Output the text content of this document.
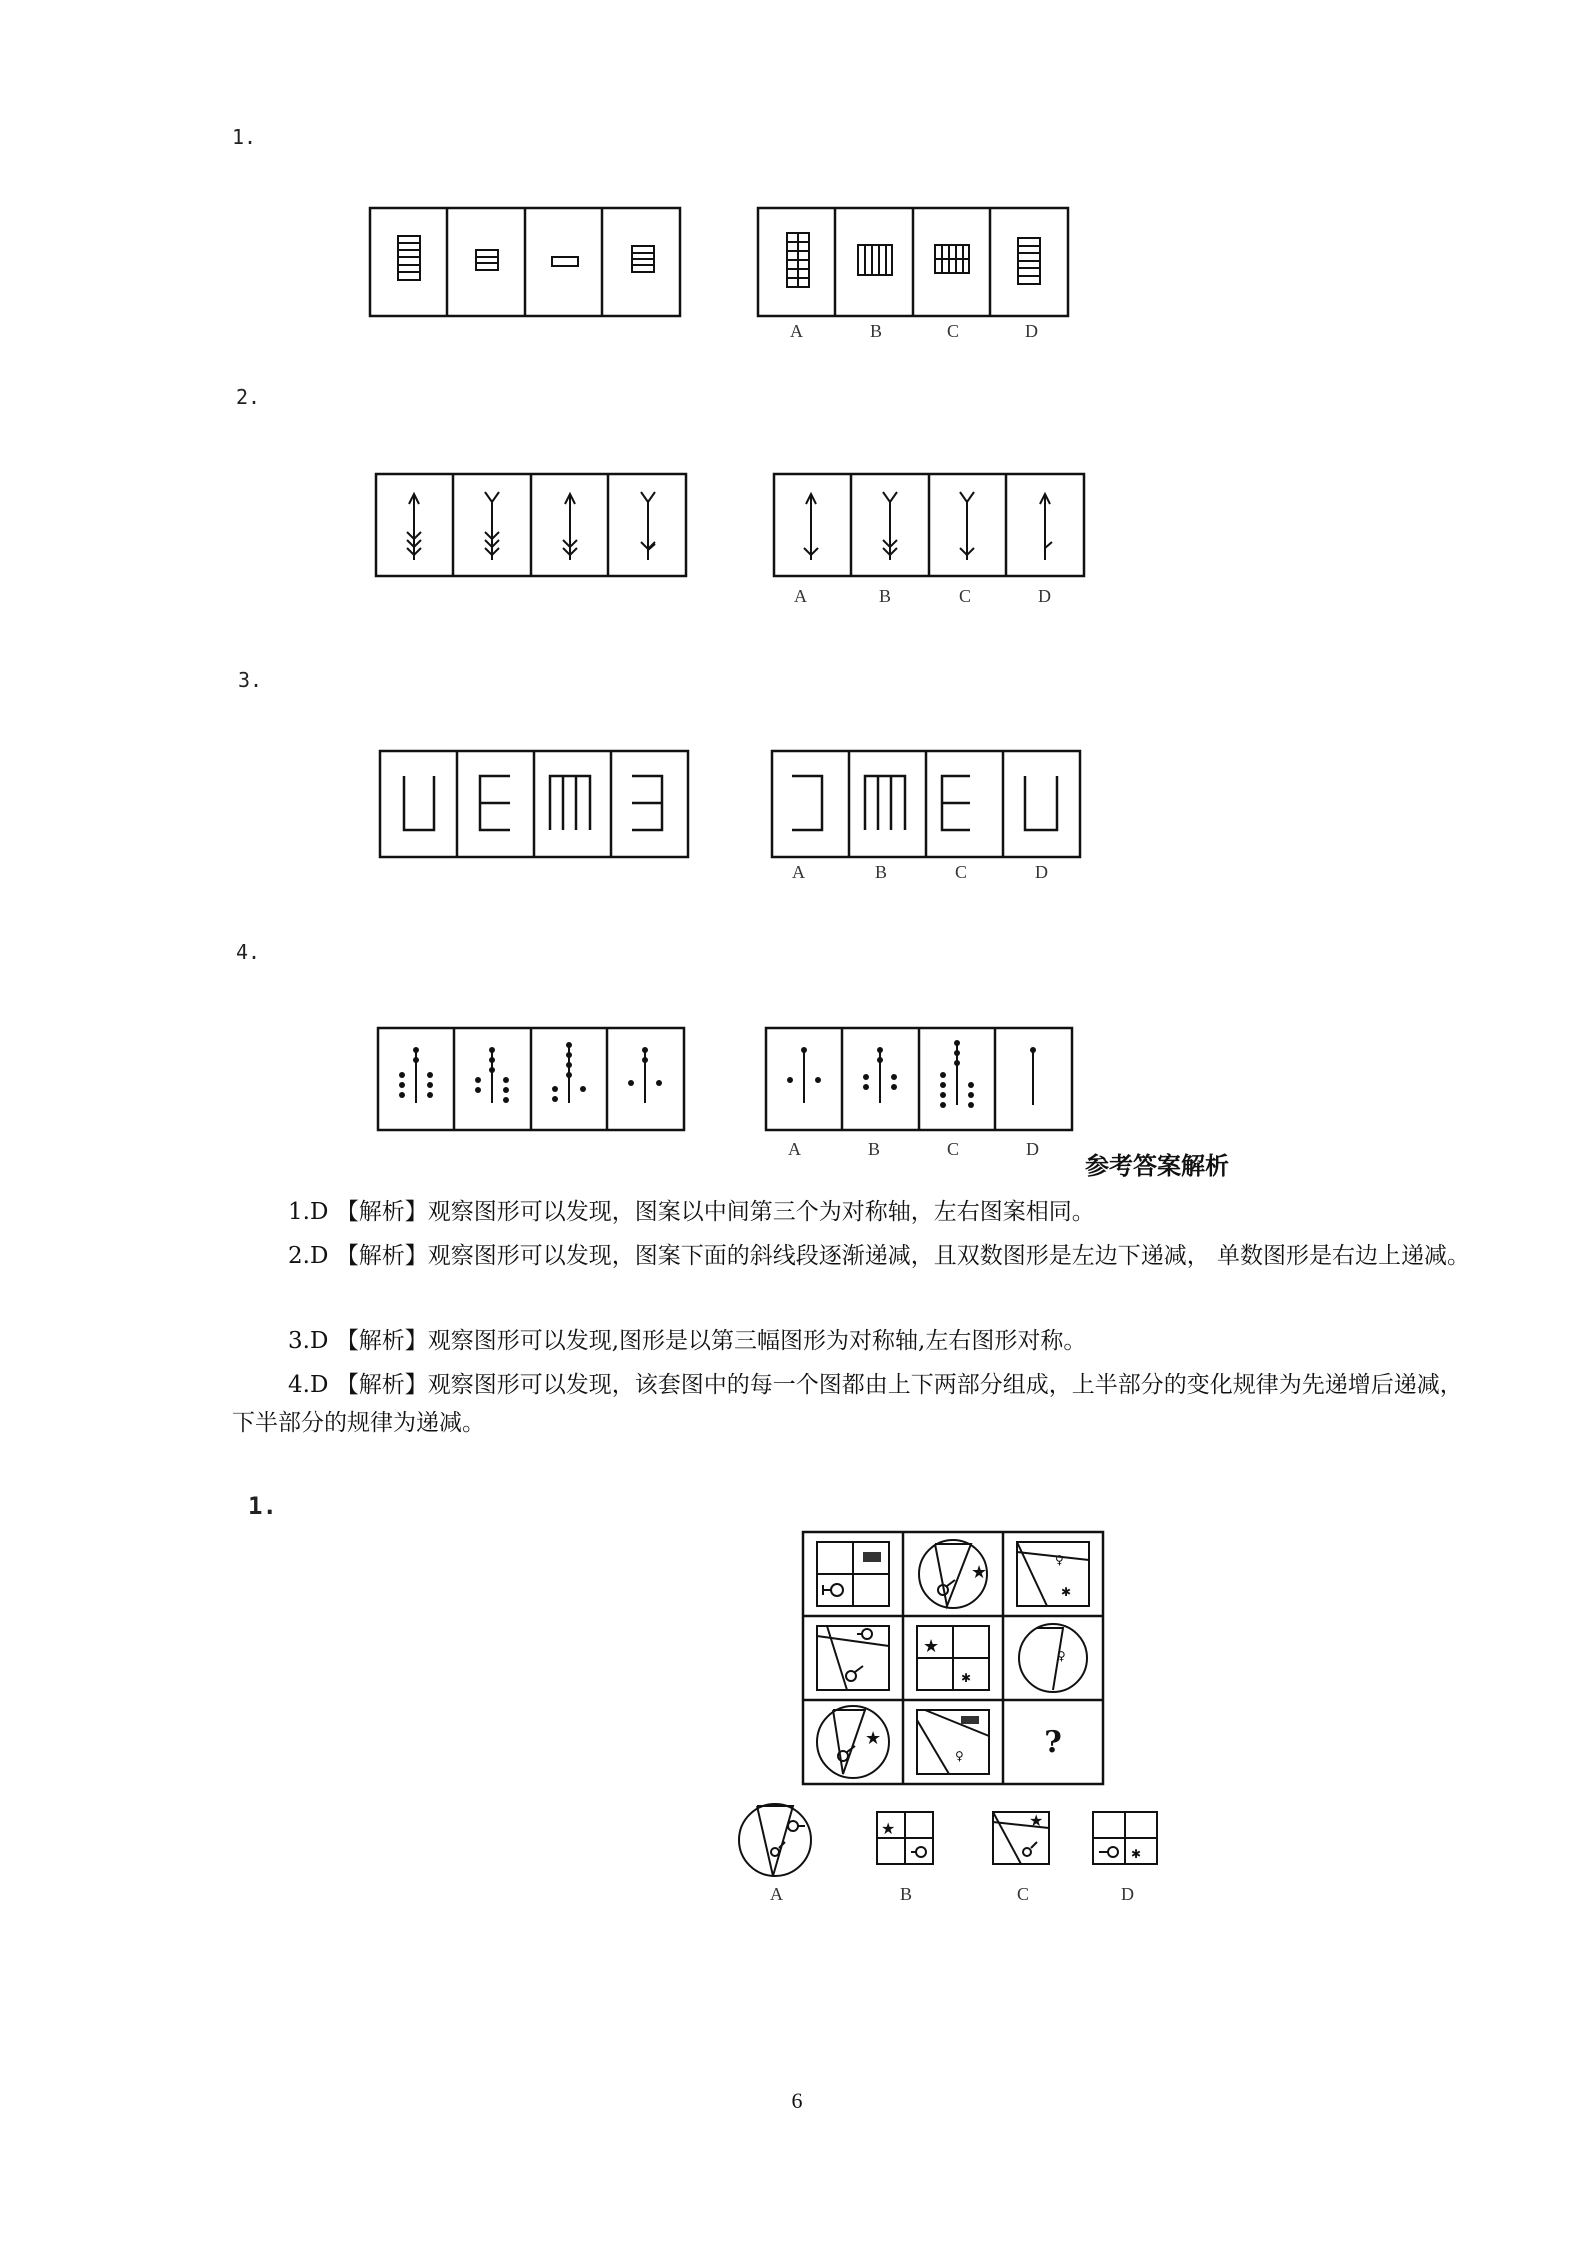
1.
A	B	C	D
2.
A	B	C	D
3.
A	B	C	D
4.
A	B	C	D
参考答案解析
1.D 【解析】观察图形可以发现，图案以中间第三个为对称轴，左右图案相同。
2.D 【解析】观察图形可以发现，图案下面的斜线段逐渐递减，且双数图形是左边下递减， 单数图形是右边上递减。
3.D 【解析】观察图形可以发现,图形是以第三幅图形为对称轴,左右图形对称。
4.D 【解析】观察图形可以发现，该套图中的每一个图都由上下两部分组成，上半部分的变化规律为先递增后递减，下半部分的规律为递减。
1.
★
♀
✱
★
✱
♀
★
♀	?
★	★
✱
A	B	C	D
6
